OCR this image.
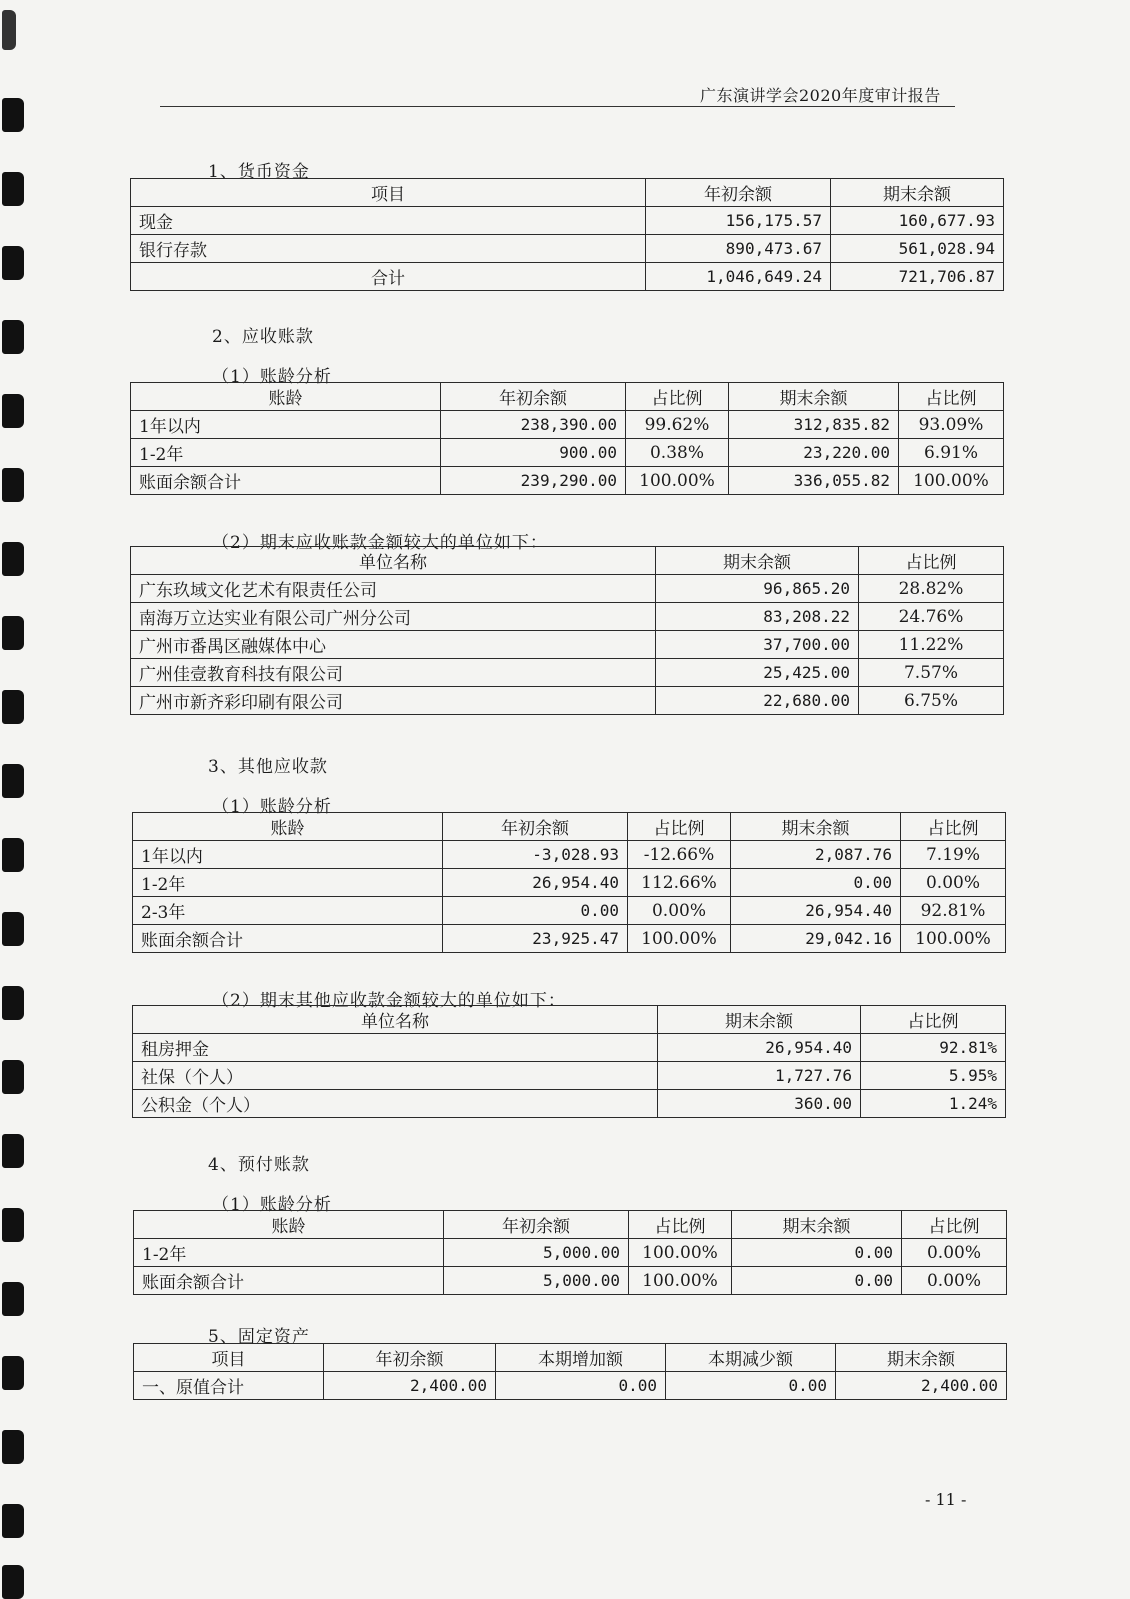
广东演讲学会2020年度审计报告
1、货币资金
项目	年初余额	期末余额
现金	156,175.57	160,677.93
银行存款	890,473.67	561,028.94
合计	1,046,649.24	721,706.87
2、应收账款
（1）账龄分析
账龄	年初余额	占比例	期末余额	占比例
1年以内	238,390.00	99.62%	312,835.82	93.09%
1-2年	900.00	0.38%	23,220.00	6.91%
账面余额合计	239,290.00	100.00%	336,055.82	100.00%
（2）期末应收账款金额较大的单位如下：
单位名称	期末余额	占比例
广东玖域文化艺术有限责任公司	96,865.20	28.82%
南海万立达实业有限公司广州分公司	83,208.22	24.76%
广州市番禺区融媒体中心	37,700.00	11.22%
广州佳壹教育科技有限公司	25,425.00	7.57%
广州市新齐彩印刷有限公司	22,680.00	6.75%
3、其他应收款
（1）账龄分析
账龄	年初余额	占比例	期末余额	占比例
1年以内	-3,028.93	-12.66%	2,087.76	7.19%
1-2年	26,954.40	112.66%	0.00	0.00%
2-3年	0.00	0.00%	26,954.40	92.81%
账面余额合计	23,925.47	100.00%	29,042.16	100.00%
（2）期末其他应收款金额较大的单位如下：
单位名称	期末余额	占比例
租房押金	26,954.40	92.81%
社保（个人）	1,727.76	5.95%
公积金（个人）	360.00	1.24%
4、预付账款
（1）账龄分析
账龄	年初余额	占比例	期末余额	占比例
1-2年	5,000.00	100.00%	0.00	0.00%
账面余额合计	5,000.00	100.00%	0.00	0.00%
5、固定资产
项目	年初余额	本期增加额	本期减少额	期末余额
一、原值合计	2,400.00	0.00	0.00	2,400.00
- 11 -
